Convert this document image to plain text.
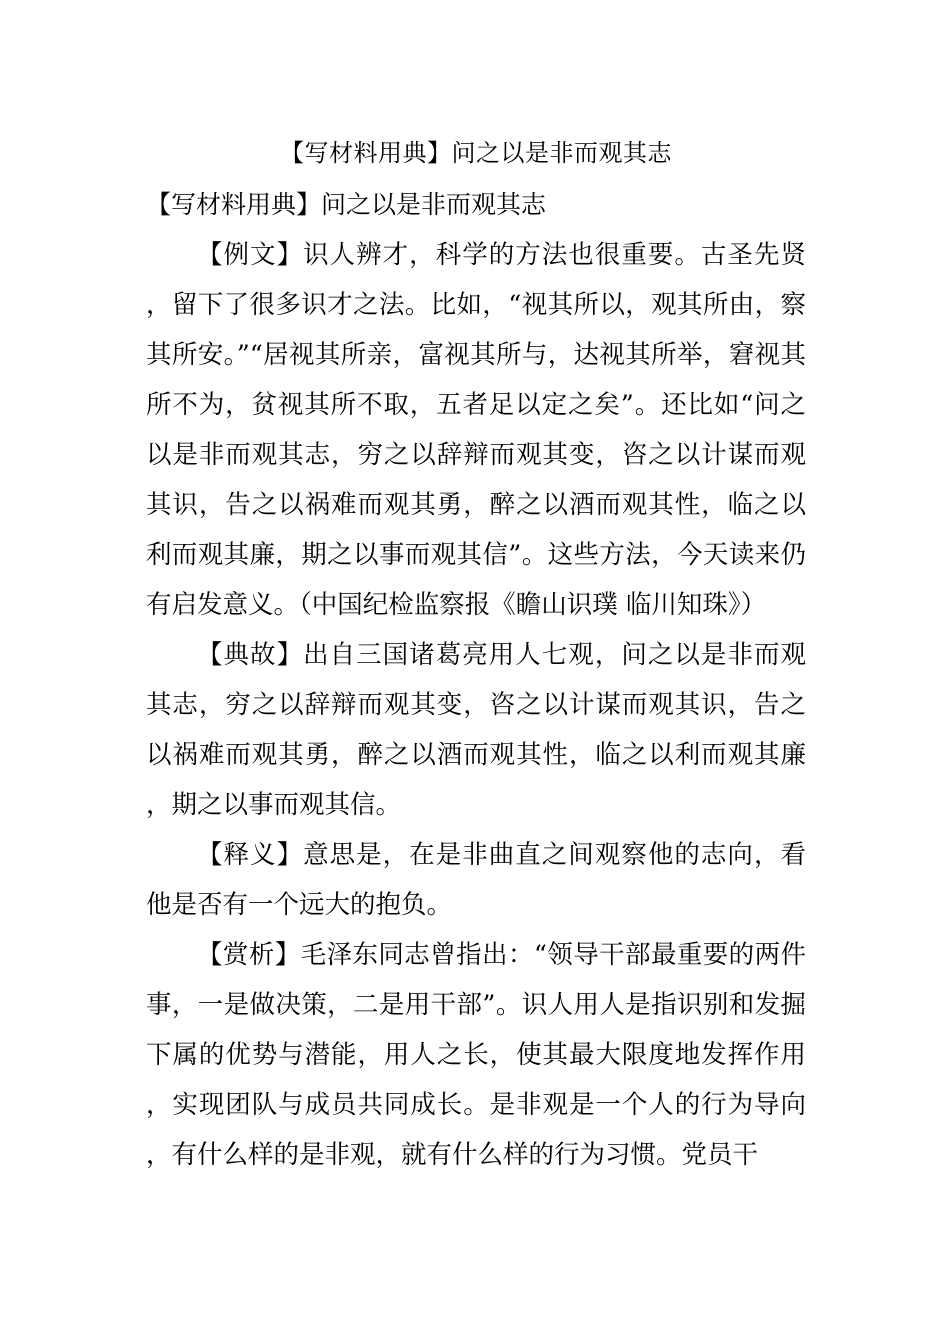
【写材料用典】问之以是非而观其志
【写材料用典】问之以是非而观其志

【例文】识人辨才，科学的方法也很重要。古圣先贤，留下了很多识才之法。比如，“视其所以，观其所由，察其所安。”“居视其所亲，富视其所与，达视其所举，窘视其所不为，贫视其所不取，五者足以定之矣”。还比如“问之以是非而观其志，穷之以辞辩而观其变，咨之以计谋而观其识，告之以祸难而观其勇，醉之以酒而观其性，临之以利而观其廉，期之以事而观其信”。这些方法，今天读来仍有启发意义。（中国纪检监察报《瞻山识璞 临川知珠》）

【典故】出自三国诸葛亮用人七观，问之以是非而观其志，穷之以辞辩而观其变，咨之以计谋而观其识，告之以祸难而观其勇，醉之以酒而观其性，临之以利而观其廉，期之以事而观其信。

【释义】意思是，在是非曲直之间观察他的志向，看他是否有一个远大的抱负。

【赏析】毛泽东同志曾指出：“领导干部最重要的两件事，一是做决策，二是用干部”。识人用人是指识别和发掘下属的优势与潜能，用人之长，使其最大限度地发挥作用，实现团队与成员共同成长。是非观是一个人的行为导向，有什么样的是非观，就有什么样的行为习惯。党员干
